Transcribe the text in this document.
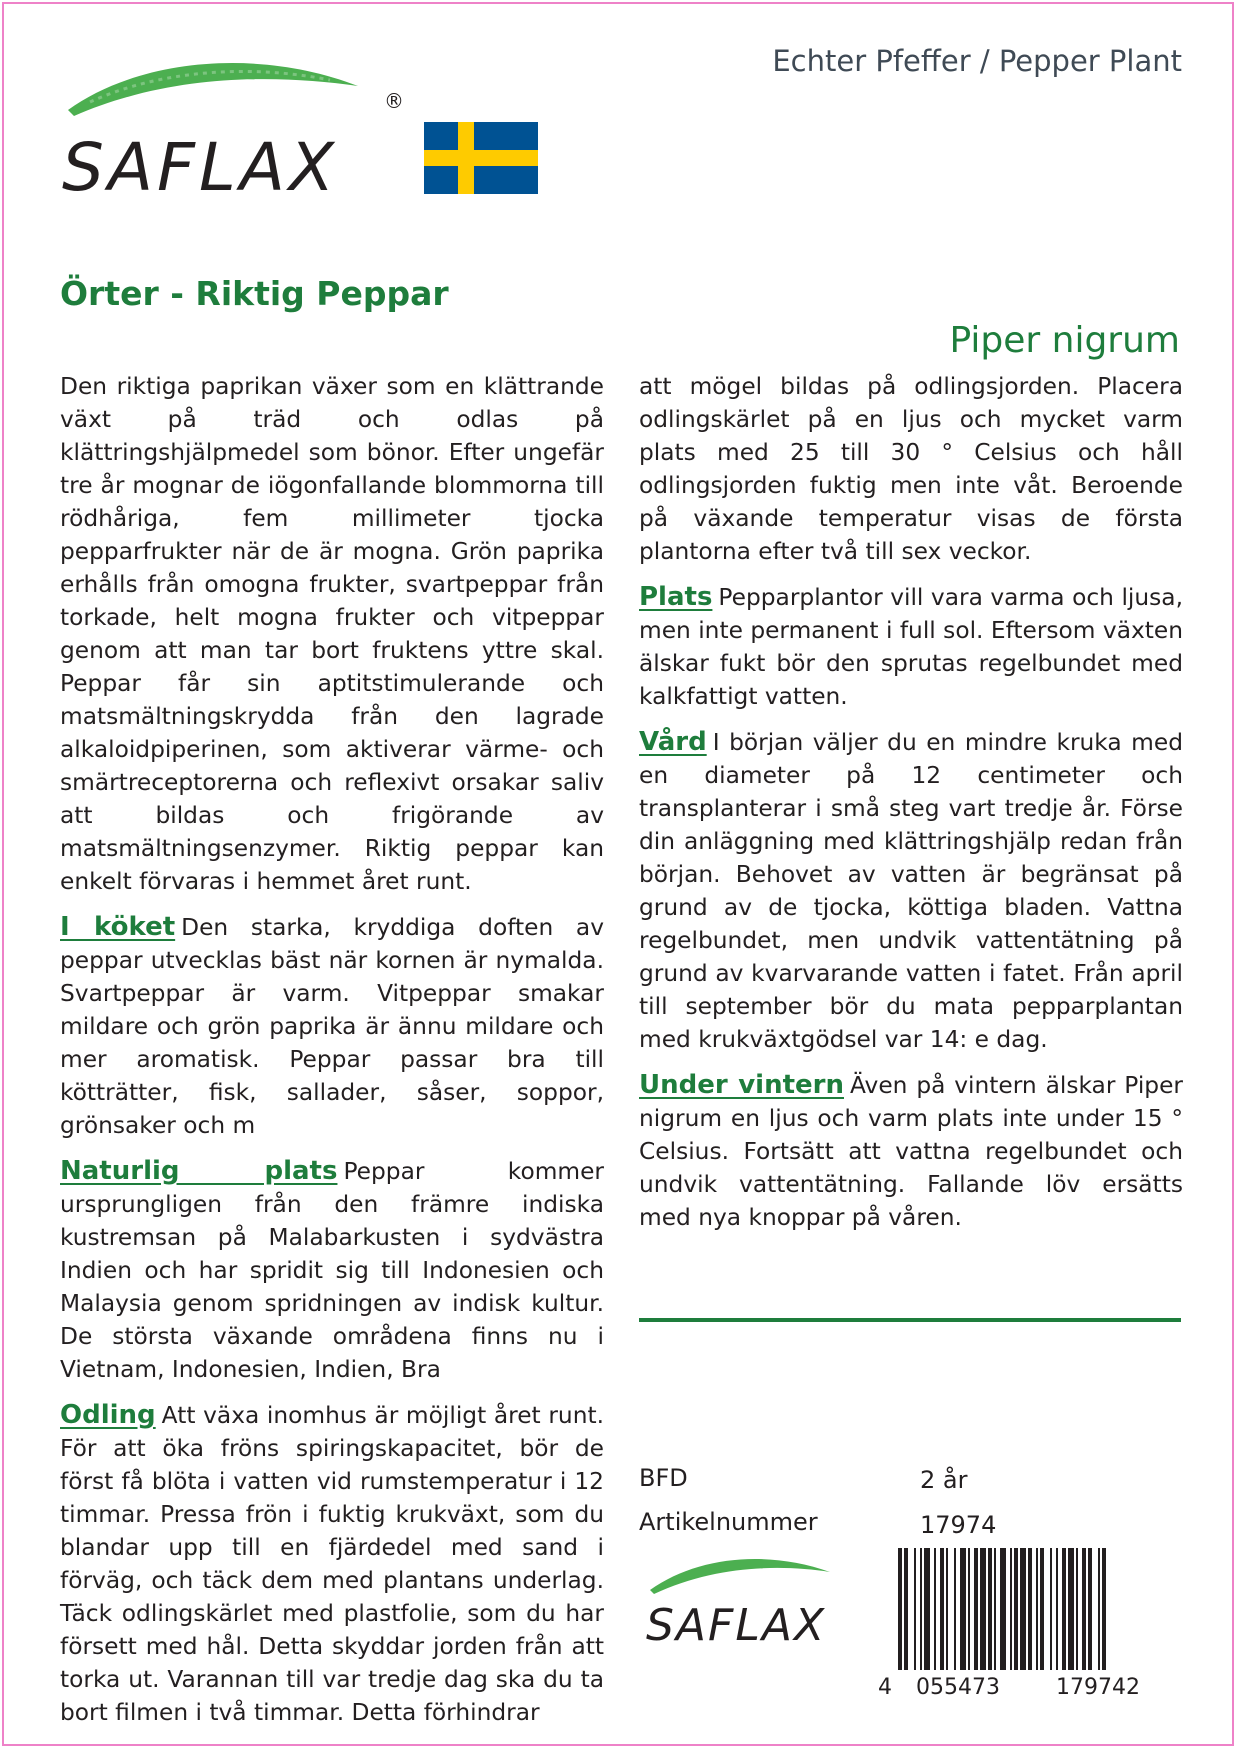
SAFLAX
®
Echter Pfeffer / Pepper Plant
Örter - Riktig Peppar
Piper nigrum

Den riktiga paprikan växer som en klättrande växt på träd och odlas på klättringshjälpmedel som bönor. Efter ungefär tre år mognar de iögonfallande blommorna till rödhåriga, fem millimeter tjocka pepparfrukter när de är mogna. Grön paprika erhålls från omogna frukter, svartpeppar från torkade, helt mogna frukter och vitpeppar genom att man tar bort fruktens yttre skal. Peppar får sin aptitstimulerande och matsmältningskrydda från den lagrade alkaloidpiperinen, som aktiverar värme- och smärtreceptorerna och reflexivt orsakar saliv att bildas och frigörande av matsmältningsenzymer. Riktig peppar kan enkelt förvaras i hemmet året runt.

I köket Den starka, kryddiga doften av peppar utvecklas bäst när kornen är nymalda. Svartpeppar är varm. Vitpeppar smakar mildare och grön paprika är ännu mildare och mer aromatisk. Peppar passar bra till kötträtter, fisk, sallader, såser, soppor, grönsaker och m

Naturlig plats Peppar kommer ursprungligen från den främre indiska kustremsan på Malabarkusten i sydvästra Indien och har spridit sig till Indonesien och Malaysia genom spridningen av indisk kultur. De största växande områdena finns nu i Vietnam, Indonesien, Indien, Bra

Odling Att växa inomhus är möjligt året runt. För att öka fröns spiringskapacitet, bör de först få blöta i vatten vid rumstemperatur i 12 timmar. Pressa frön i fuktig krukväxt, som du blandar upp till en fjärdedel med sand i förväg, och täck dem med plantans underlag. Täck odlingskärlet med plastfolie, som du har försett med hål. Detta skyddar jorden från att torka ut. Varannan till var tredje dag ska du ta bort filmen i två timmar. Detta förhindrar

att mögel bildas på odlingsjorden. Placera odlingskärlet på en ljus och mycket varm plats med 25 till 30 ° Celsius och håll odlingsjorden fuktig men inte våt. Beroende på växande temperatur visas de första plantorna efter två till sex veckor.

Plats Pepparplantor vill vara varma och ljusa, men inte permanent i full sol. Eftersom växten älskar fukt bör den sprutas regelbundet med kalkfattigt vatten.

Vård I början väljer du en mindre kruka med en diameter på 12 centimeter och transplanterar i små steg vart tredje år. Förse din anläggning med klättringshjälp redan från början. Behovet av vatten är begränsat på grund av de tjocka, köttiga bladen. Vattna regelbundet, men undvik vattentätning på grund av kvarvarande vatten i fatet. Från april till september bör du mata pepparplantan med krukväxtgödsel var 14: e dag.

Under vintern Även på vintern älskar Piper nigrum en ljus och varm plats inte under 15 ° Celsius. Fortsätt att vattna regelbundet och undvik vattentätning. Fallande löv ersätts med nya knoppar på våren.

BFD	2 år
Artikelnummer	17974
SAFLAX
4 055473	179742
